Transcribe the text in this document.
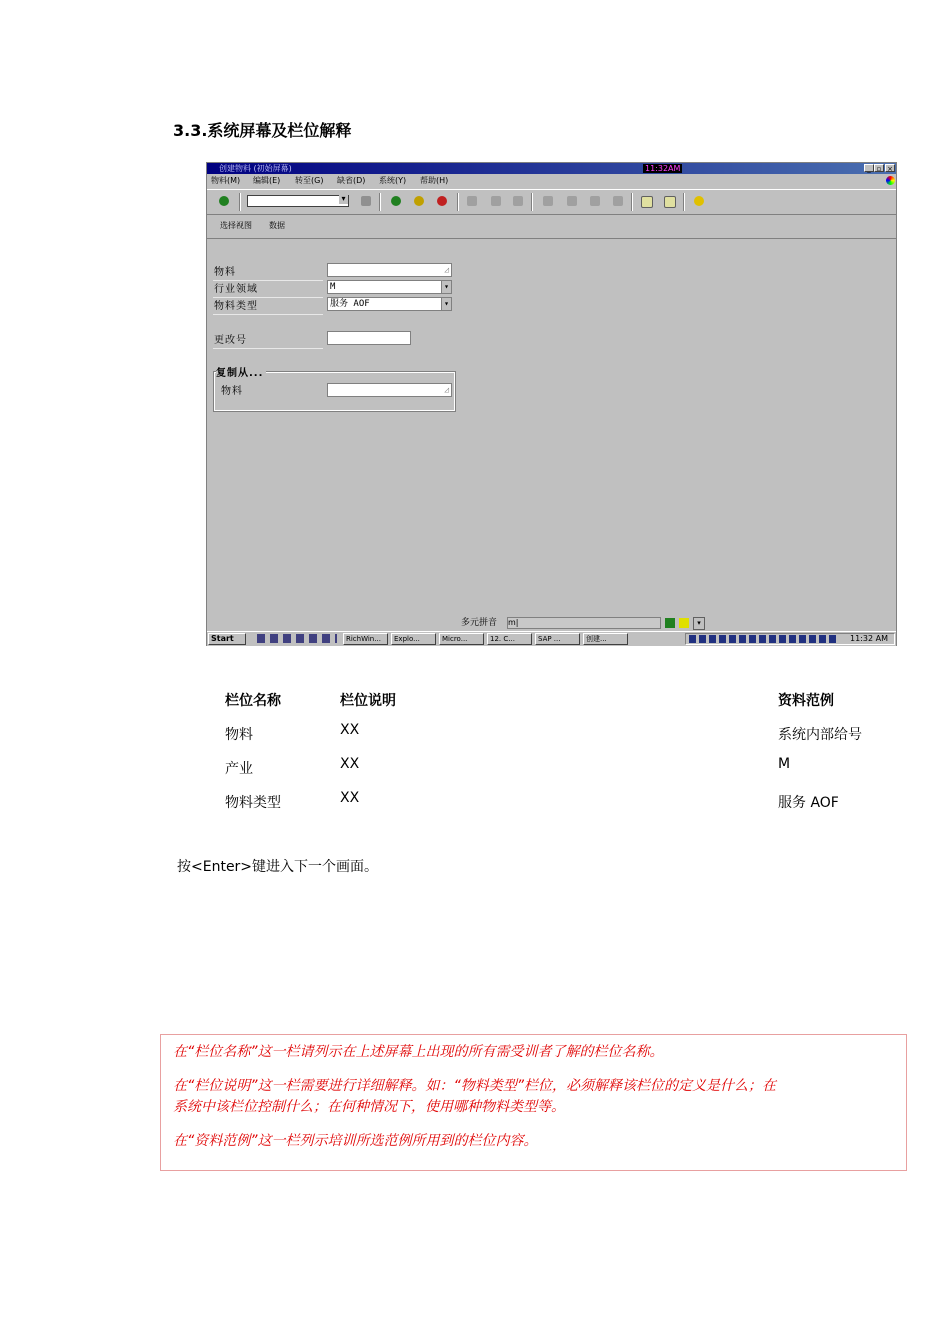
3.3.系统屏幕及栏位解释
创建物料 (初始屏幕)	11:32AM	_ ▫ ×
物料(M) 编辑(E) 转至(G) 缺省(D) 系统(Y) 帮助(H)
▾
选择视图 数据
物料
◿
行业领域	M ▾
物料类型	服务 AOF ▾
更改号
复制从...
物料
◿
多元拼音 m|	▾
Start	RichWin...	Explo...	Micro...	12. C...	SAP ...	创建...	11:32 AM
栏位名称	栏位说明	资料范例
物料	XX	系统内部给号
产业	XX	M
物料类型	XX	服务 AOF
按<Enter>键进入下一个画面。
在“栏位名称”这一栏请列示在上述屏幕上出现的所有需受训者了解的栏位名称。
在“栏位说明”这一栏需要进行详细解释。如：“物料类型”栏位，必须解释该栏位的定义是什么；在
系统中该栏位控制什么；在何种情况下，使用哪种物料类型等。
在“资料范例”这一栏列示培训所选范例所用到的栏位内容。
